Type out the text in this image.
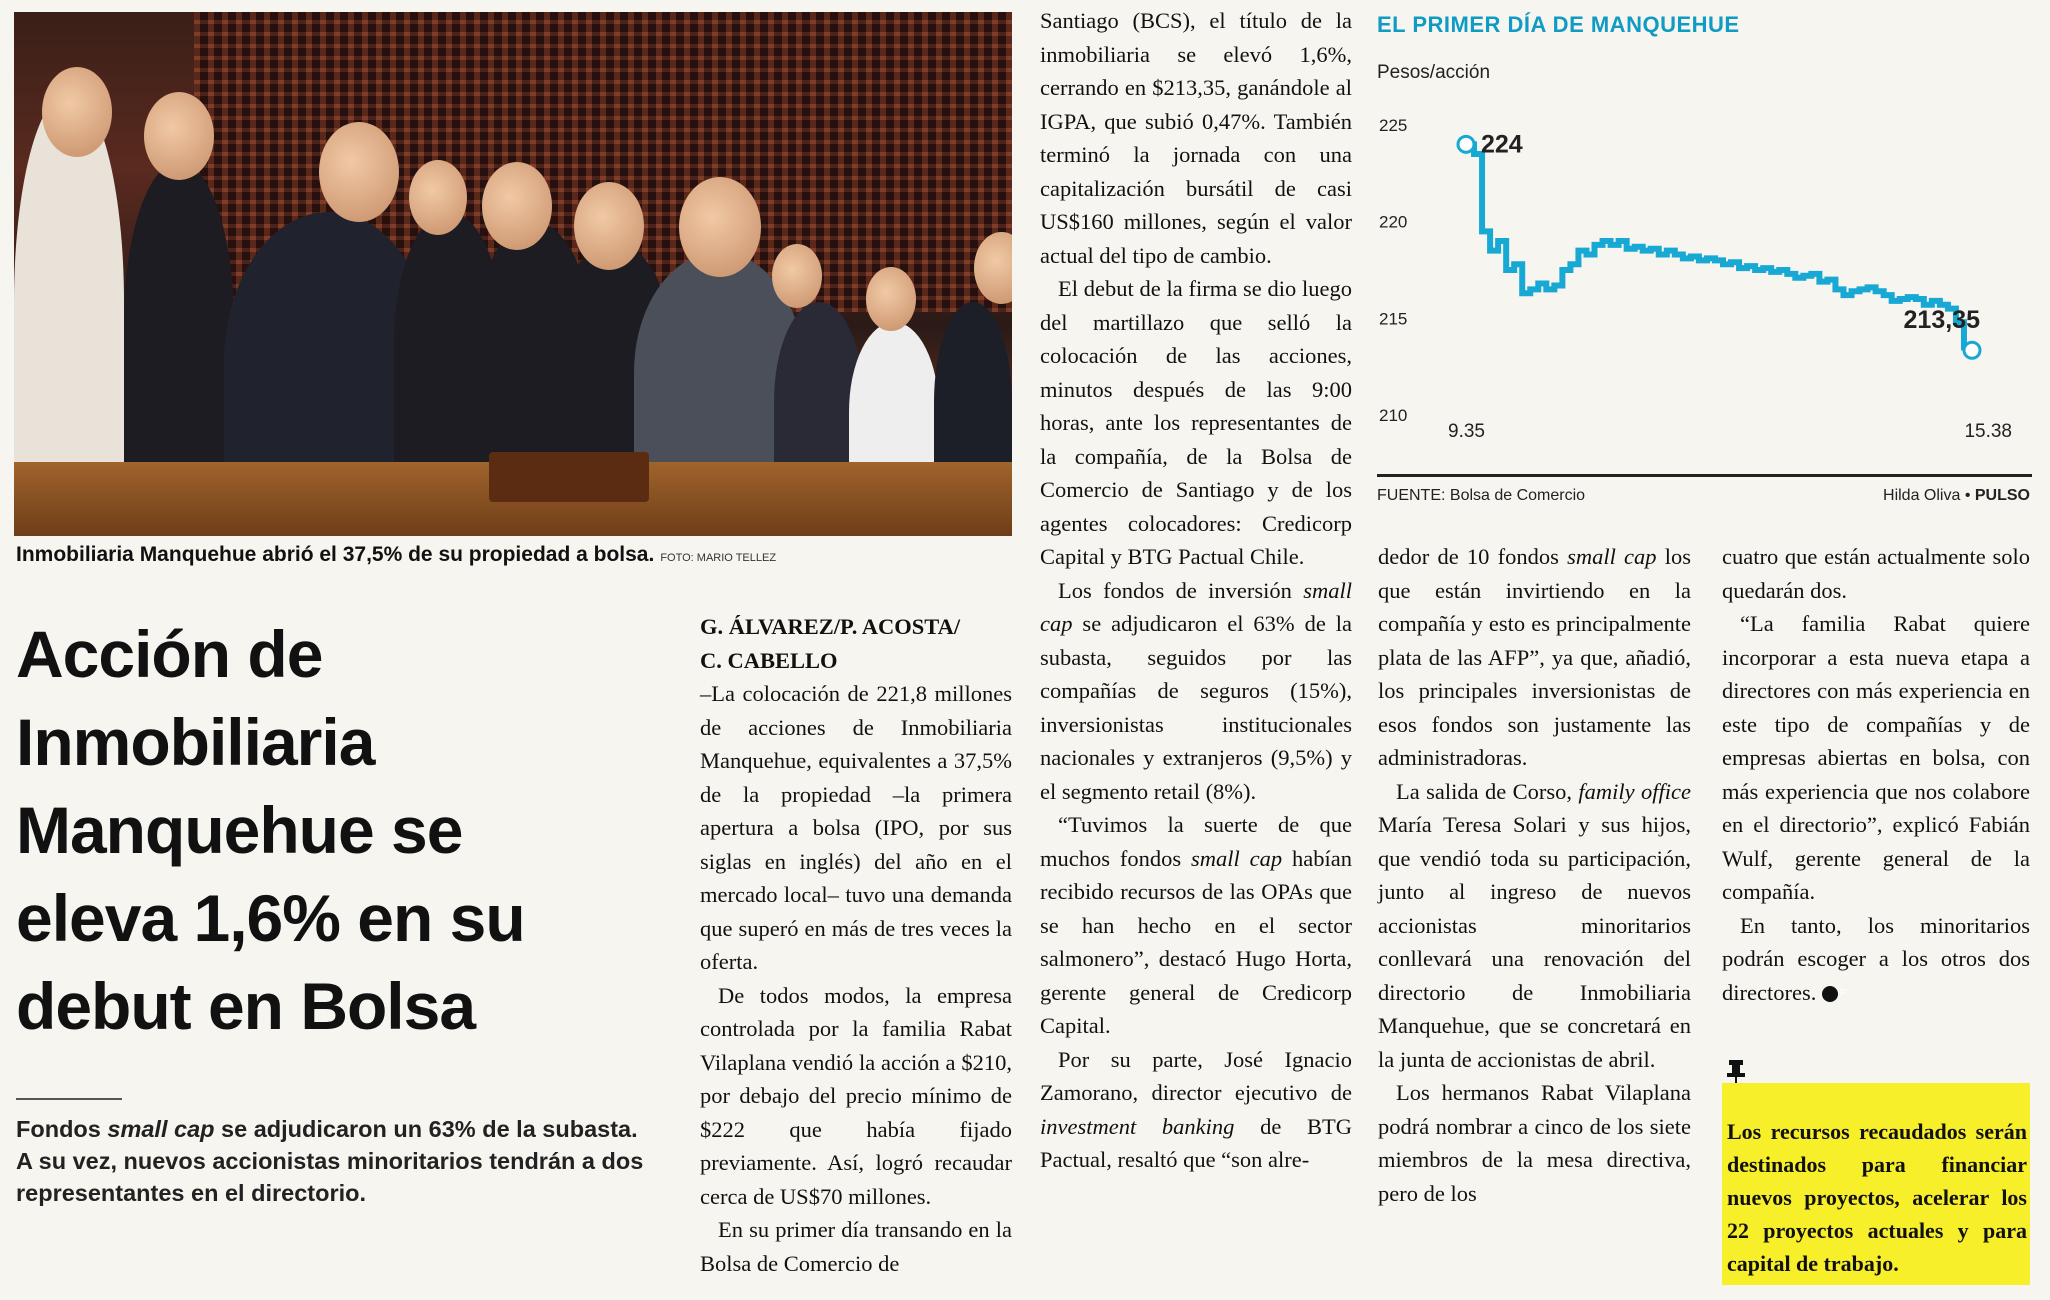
Inmobiliaria Manquehue abrió el 37,5% de su propiedad a bolsa. FOTO: MARIO TELLEZ
Acción de
Inmobiliaria
Manquehue se
eleva 1,6% en su
debut en Bolsa
Fondos small cap se adjudicaron un 63% de la subasta. A su vez, nuevos accionistas minoritarios tendrán a dos representantes en el directorio.

G. ÁLVAREZ/P. ACOSTA/

C. CABELLO

–La colocación de 221,8 millones de acciones de Inmobiliaria Manquehue, equivalentes a 37,5% de la propiedad –la primera apertura a bolsa (IPO, por sus siglas en inglés) del año en el mercado local– tuvo una demanda que superó en más de tres veces la oferta.

De todos modos, la empresa controlada por la familia Rabat Vilaplana vendió la acción a $210, por debajo del precio mínimo de $222 que había fijado previamente. Así, logró recaudar cerca de US$70 millones.

En su primer día transando en la Bolsa de Comercio de

Santiago (BCS), el título de la inmobiliaria se elevó 1,6%, cerrando en $213,35, ganándole al IGPA, que subió 0,47%. También terminó la jornada con una capitalización bursátil de casi US$160 millones, según el valor actual del tipo de cambio.

El debut de la firma se dio luego del martillazo que selló la colocación de las acciones, minutos después de las 9:00 horas, ante los representantes de la compañía, de la Bolsa de Comercio de Santiago y de los agentes colocadores: Credicorp Capital y BTG Pactual Chile.

Los fondos de inversión small cap se adjudicaron el 63% de la subasta, seguidos por las compañías de seguros (15%), inversionistas institucionales nacionales y extranjeros (9,5%) y el segmento retail (8%).

“Tuvimos la suerte de que muchos fondos small cap habían recibido recursos de las OPAs que se han hecho en el sector salmonero”, destacó Hugo Horta, gerente general de Credicorp Capital.

Por su parte, José Ignacio Zamorano, director ejecutivo de investment banking de BTG Pactual, resaltó que “son alre-

EL PRIMER DÍA DE MANQUEHUE
Pesos/acción
225
220
215
210
224
213,35
9.35	15.38
FUENTE: Bolsa de Comercio	Hilda Oliva • PULSO

dedor de 10 fondos small cap los que están invirtiendo en la compañía y esto es principalmente plata de las AFP”, ya que, añadió, los principales inversionistas de esos fondos son justamente las administradoras.

La salida de Corso, family office María Teresa Solari y sus hijos, que vendió toda su participación, junto al ingreso de nuevos accionistas minoritarios conllevará una renovación del directorio de Inmobiliaria Manquehue, que se concretará en la junta de accionistas de abril.

Los hermanos Rabat Vilaplana podrá nombrar a cinco de los siete miembros de la mesa directiva, pero de los

cuatro que están actualmente solo quedarán dos.

“La familia Rabat quiere incorporar a esta nueva etapa a directores con más experiencia en este tipo de compañías y de empresas abiertas en bolsa, con más experiencia que nos colabore en el directorio”, explicó Fabián Wulf, gerente general de la compañía.

En tanto, los minoritarios podrán escoger a los otros dos directores. P

Los recursos recaudados serán destinados para financiar nuevos proyectos, acelerar los 22 proyectos actuales y para capital de trabajo.
